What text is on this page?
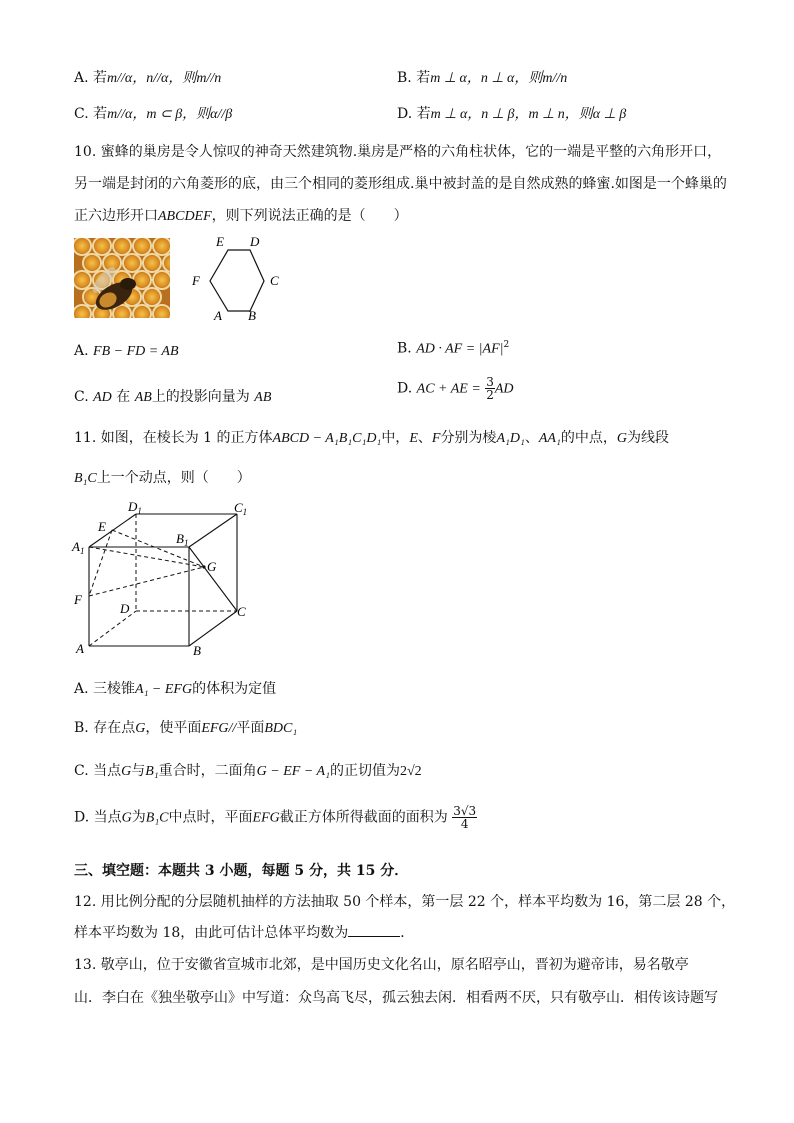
A. 若m//α，n//α，则m//n	B. 若m ⊥ α，n ⊥ α，则m//n
C. 若m//α，m ⊂ β，则α//β	D. 若m ⊥ α，n ⊥ β，m ⊥ n，则α ⊥ β
10. 蜜蜂的巢房是令人惊叹的神奇天然建筑物.巢房是严格的六角柱状体，它的一端是平整的六角形开口，
另一端是封闭的六角菱形的底，由三个相同的菱形组成.巢中被封盖的是自然成熟的蜂蜜.如图是一个蜂巢的
正六边形开口ABCDEF，则下列说法正确的是（　　）
E D
F	C
A B
A. FB − FD = AB	B. AD · AF = $|AF|^2$
C. AD 在 AB上的投影向量为 AB
D. AC + AE = $\frac{3}{2}$ AD
11. 如图，在棱长为 1 的正方体ABCD − A₁B₁C₁D₁中，E、F分别为棱A₁D₁、AA₁的中点，G为线段
B₁C上一个动点，则（　　）
$D_1$	$C_1$
E
$B_1$
$A_1$
G
F
D	C
A	B
A. 三棱锥A₁ − EFG的体积为定值
B. 存在点G，使平面EFG//平面BDC₁
C. 当点G与B₁重合时，二面角G − EF − A₁的正切值为2√2
D. 当点G为B₁C中点时，平面EFG截正方体所得截面的面积为 $\frac{3√3}{4}$
三、填空题：本题共 3 小题，每题 5 分，共 15 分．
12. 用比例分配的分层随机抽样的方法抽取 50 个样本，第一层 22 个，样本平均数为 16，第二层 28 个，
样本平均数为 18，由此可估计总体平均数为	．
13. 敬亭山，位于安徽省宣城市北郊，是中国历史文化名山，原名昭亭山，晋初为避帝讳，易名敬亭
山．李白在《独坐敬亭山》中写道：众鸟高飞尽，孤云独去闲．相看两不厌，只有敬亭山．相传该诗题写
